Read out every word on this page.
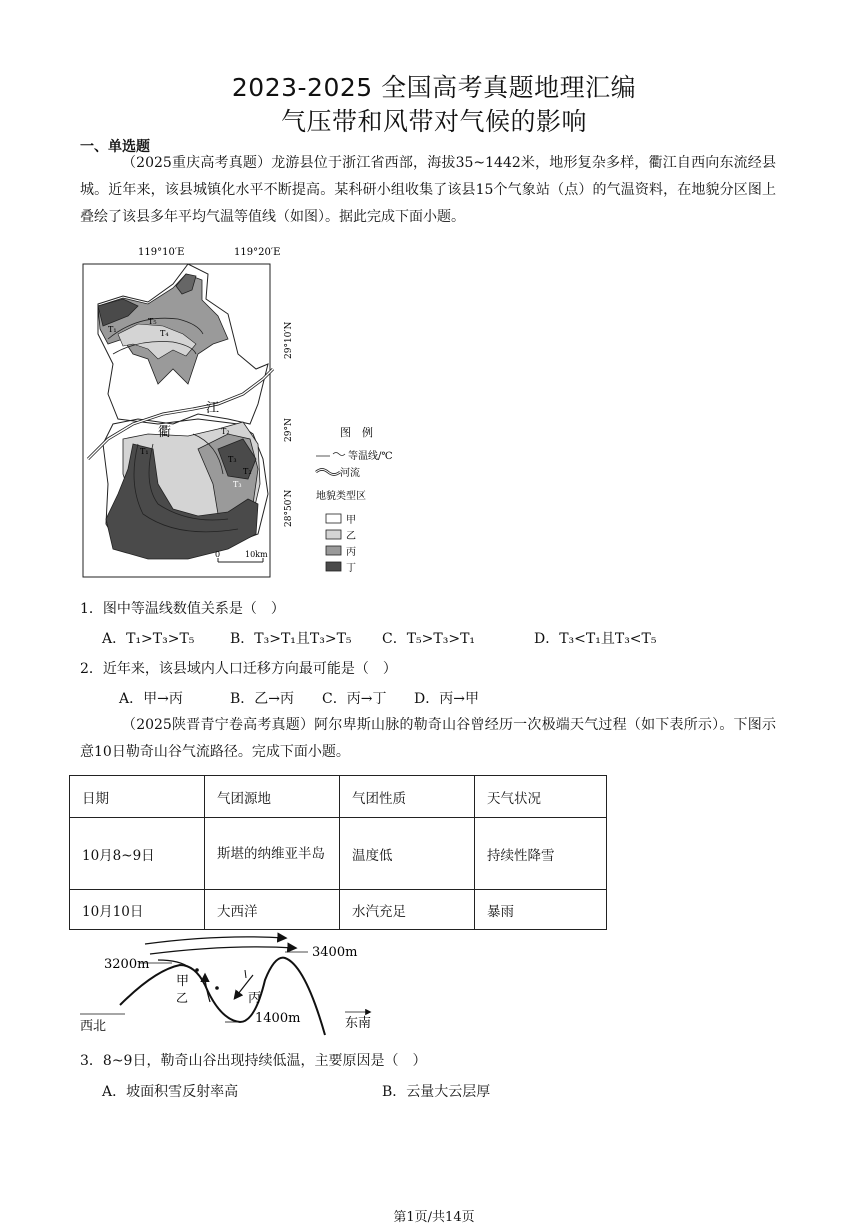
2023-2025 全国高考真题地理汇编
气压带和风带对气候的影响
一、单选题
（2025重庆高考真题）龙游县位于浙江省西部，海拔35~1442米，地形复杂多样，衢江自西向东流经县城。近年来，该县城镇化水平不断提高。某科研小组收集了该县15个气象站（点）的气温资料，在地貌分区图上叠绘了该县多年平均气温等值线（如图）。据此完成下面小题。
119°10′E	119°20′E
29°10′N
29°N
28°50′N
江
衢
T₅
T₄
T₁
T₂
T₃
T₁
T₂
T₃
0	10km
图　例
等温线/℃
河流
地貌类型区
甲
乙
丙
丁
1．图中等温线数值关系是（　）
A．T₁>T₃>T₅	B．T₃>T₁且T₃>T₅ C．T₅>T₃>T₁	D．T₃<T₁且T₃<T₅
2．近年来，该县域内人口迁移方向最可能是（　）
A．甲→丙	B．乙→丙 C．丙→丁 D．丙→甲
（2025陕晋青宁卷高考真题）阿尔卑斯山脉的勒奇山谷曾经历一次极端天气过程（如下表所示）。下图示意10日勒奇山谷气流路径。完成下面小题。
日期	气团源地	气团性质	天气状况
10月8~9日	斯堪的纳维亚半岛	温度低	持续性降雪
10月10日	大西洋	水汽充足	暴雨
3200m
3400m
1400m
甲
乙	丙
西北	东南
3．8~9日，勒奇山谷出现持续低温，主要原因是（　）
A．坡面积雪反射率高	B．云量大云层厚
第1页/共14页
